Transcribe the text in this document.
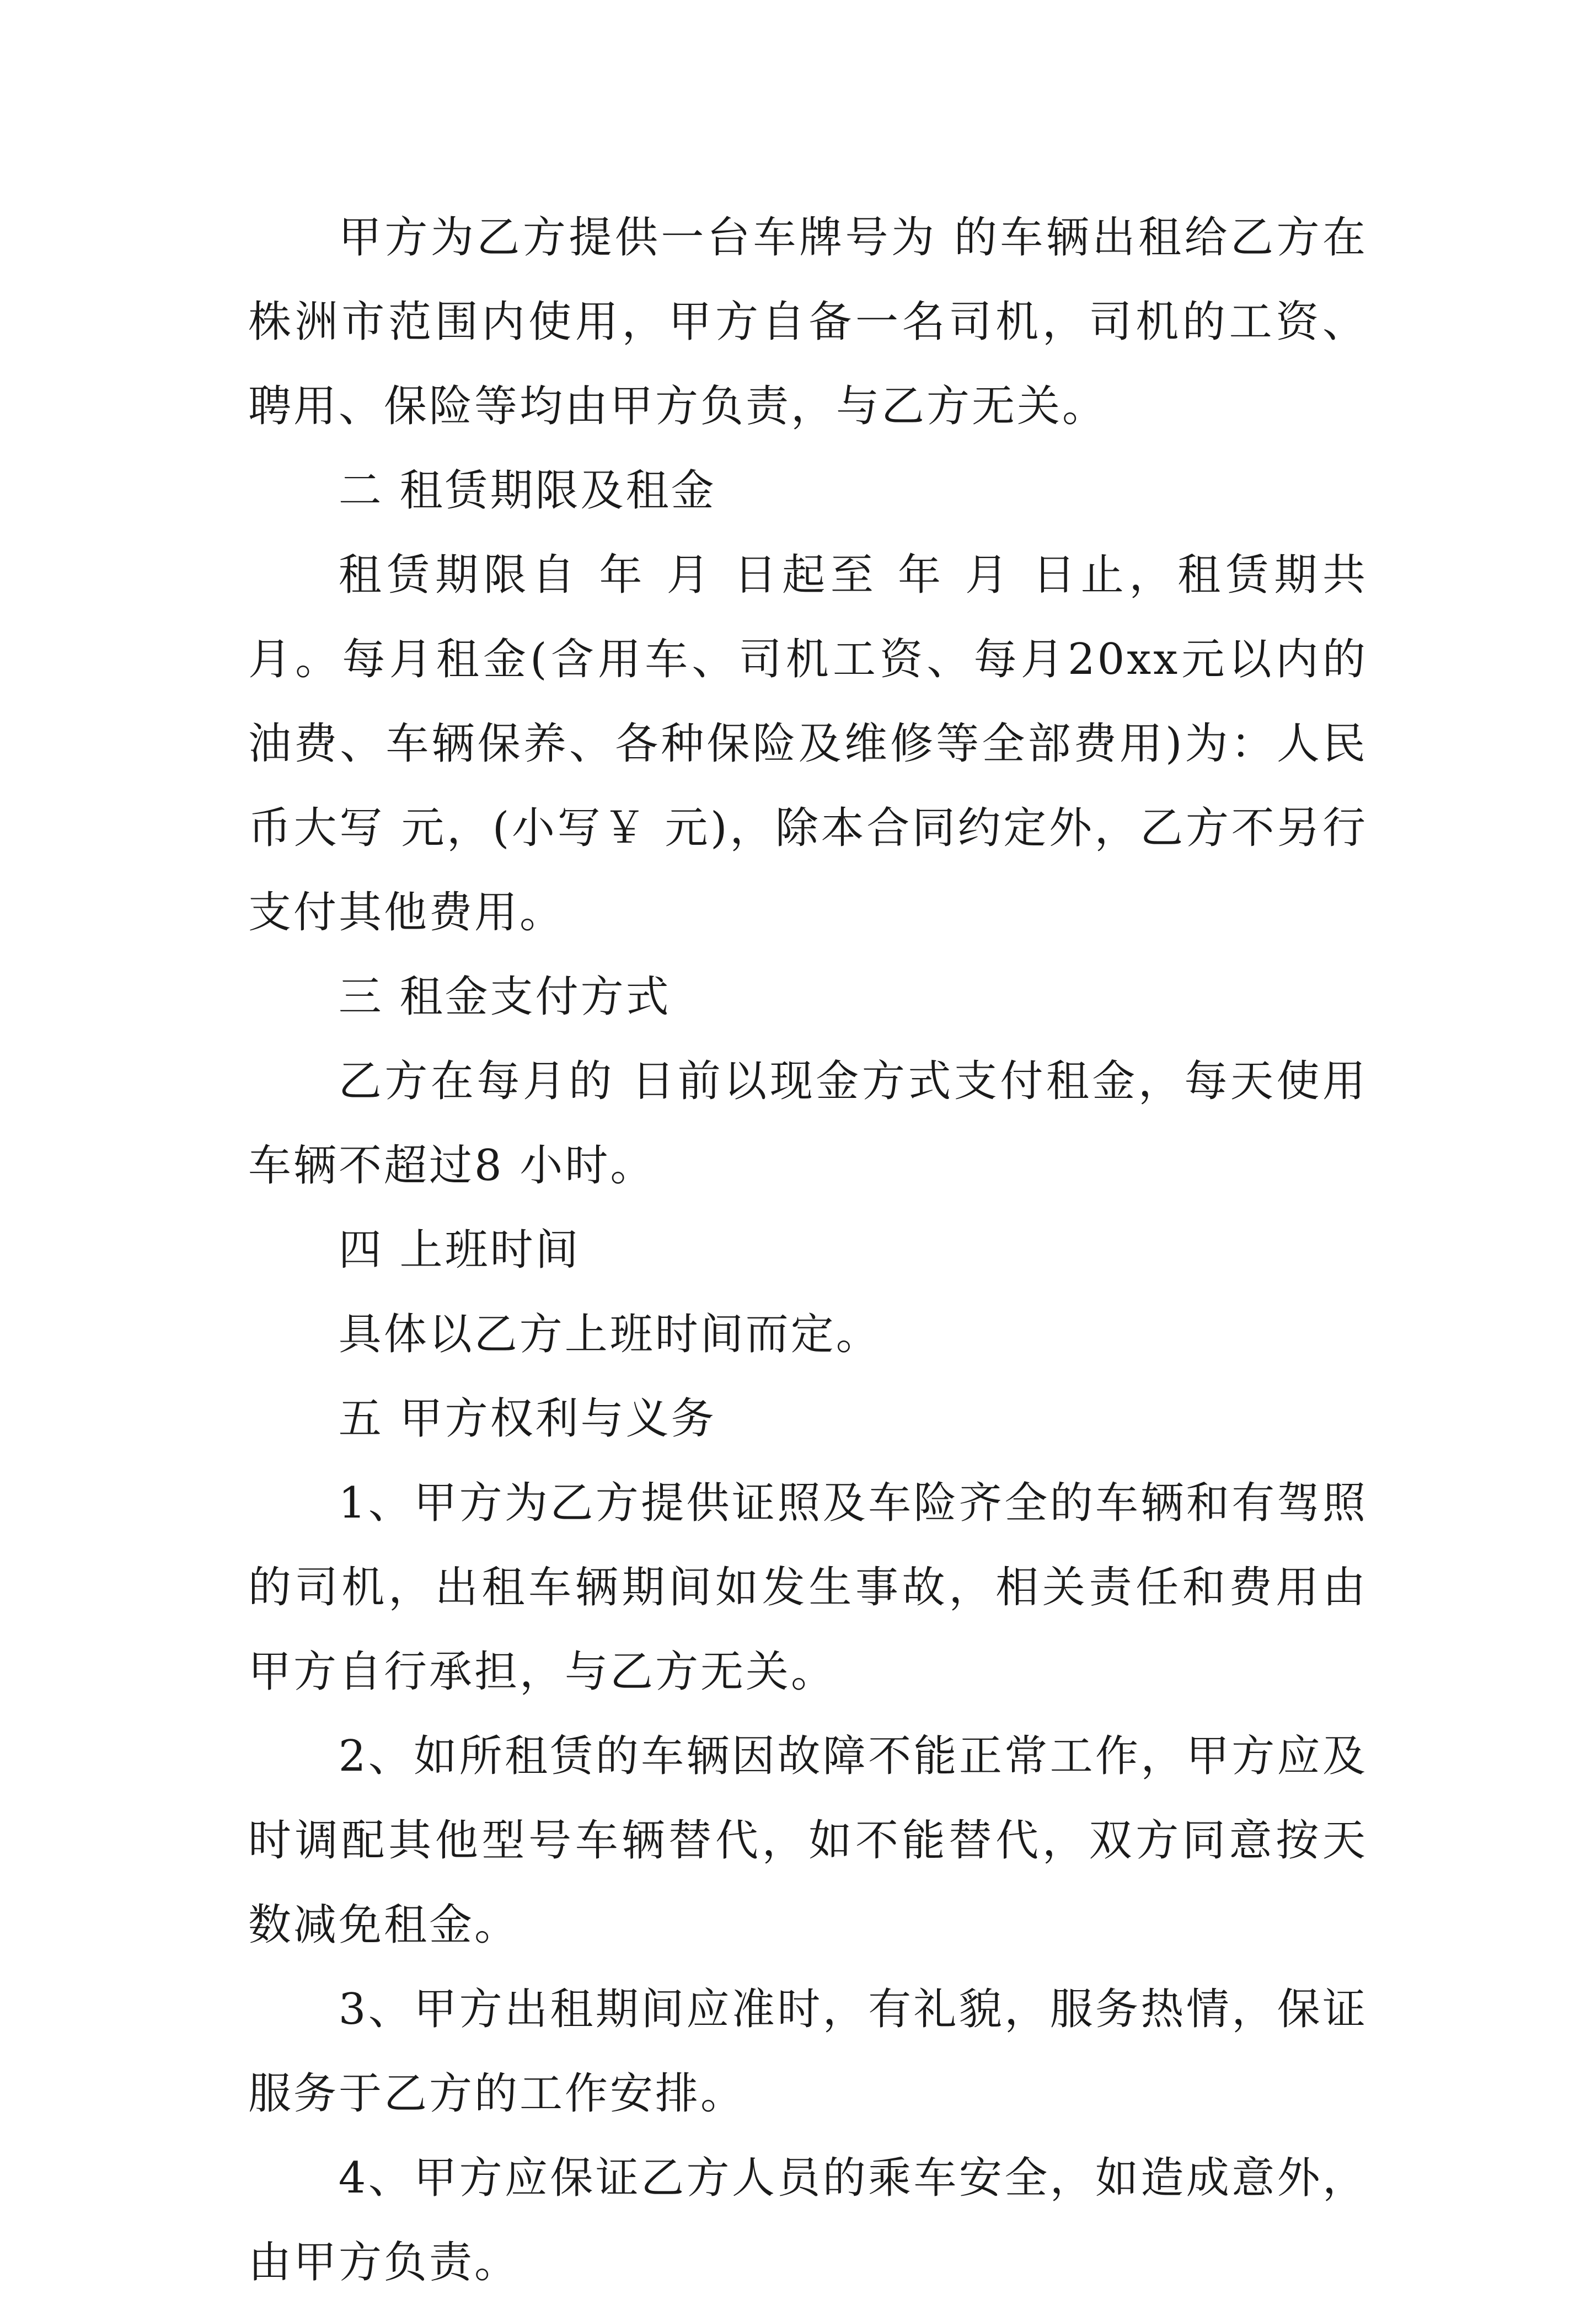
甲方为乙方提供一台车牌号为 的车辆出租给乙方在株洲市范围内使用，甲方自备一名司机，司机的工资、聘用、保险等均由甲方负责，与乙方无关。

二 租赁期限及租金

租赁期限自 年 月 日起至 年 月 日止，租赁期共 月。每月租金(含用车、司机工资、每月20xx元以内的油费、车辆保养、各种保险及维修等全部费用)为：人民币大写 元，(小写￥ 元)，除本合同约定外，乙方不另行支付其他费用。

三 租金支付方式

乙方在每月的 日前以现金方式支付租金，每天使用车辆不超过8 小时。

四 上班时间

具体以乙方上班时间而定。

五 甲方权利与义务

1、甲方为乙方提供证照及车险齐全的车辆和有驾照的司机，出租车辆期间如发生事故，相关责任和费用由甲方自行承担，与乙方无关。

2、如所租赁的车辆因故障不能正常工作，甲方应及时调配其他型号车辆替代，如不能替代，双方同意按天数减免租金。

3、甲方出租期间应准时，有礼貌，服务热情，保证服务于乙方的工作安排。

4、甲方应保证乙方人员的乘车安全，如造成意外，由甲方负责。
